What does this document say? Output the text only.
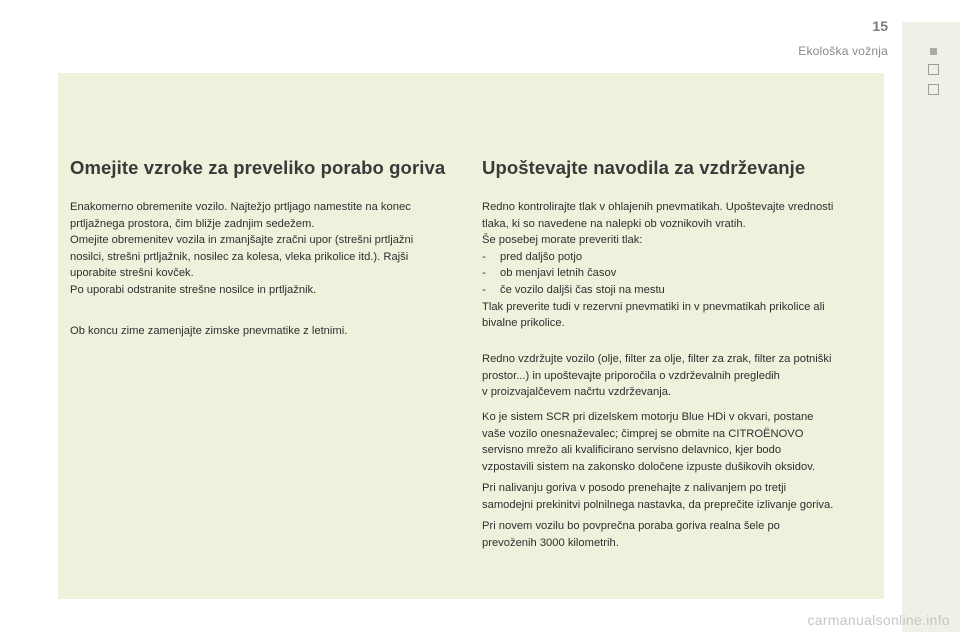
15
Ekološka vožnja
Omejite vzroke za preveliko porabo goriva
Enakomerno obremenite vozilo. Najtežjo prtljago namestite na konec
prtljažnega prostora, čim bližje zadnjim sedežem.
Omejite obremenitev vozila in zmanjšajte zračni upor (strešni prtljažni
nosilci, strešni prtljažnik, nosilec za kolesa, vleka prikolice itd.). Rajši
uporabite strešni kovček.
Po uporabi odstranite strešne nosilce in prtljažnik.
Ob koncu zime zamenjajte zimske pnevmatike z letnimi.
Upoštevajte navodila za vzdrževanje
Redno kontrolirajte tlak v ohlajenih pnevmatikah. Upoštevajte vrednosti
tlaka, ki so navedene na nalepki ob voznikovih vratih.
Še posebej morate preveriti tlak:
- pred daljšo potjo
- ob menjavi letnih časov
- če vozilo daljši čas stoji na mestu
Tlak preverite tudi v rezervni pnevmatiki in v pnevmatikah prikolice ali
bivalne prikolice.
Redno vzdržujte vozilo (olje, filter za olje, filter za zrak, filter za potniški
prostor...) in upoštevajte priporočila o vzdrževalnih pregledih
v proizvajalčevem načrtu vzdrževanja.
Ko je sistem SCR pri dizelskem motorju Blue HDi v okvari, postane
vaše vozilo onesnaževalec; čimprej se obrnite na CITROËNOVO
servisno mrežo ali kvalificirano servisno delavnico, kjer bodo
vzpostavili sistem na zakonsko določene izpuste dušikovih oksidov.
Pri nalivanju goriva v posodo prenehajte z nalivanjem po tretji
samodejni prekinitvi polnilnega nastavka, da preprečite izlivanje goriva.
Pri novem vozilu bo povprečna poraba goriva realna šele po
prevoženih 3000 kilometrih.
carmanualsonline.info
